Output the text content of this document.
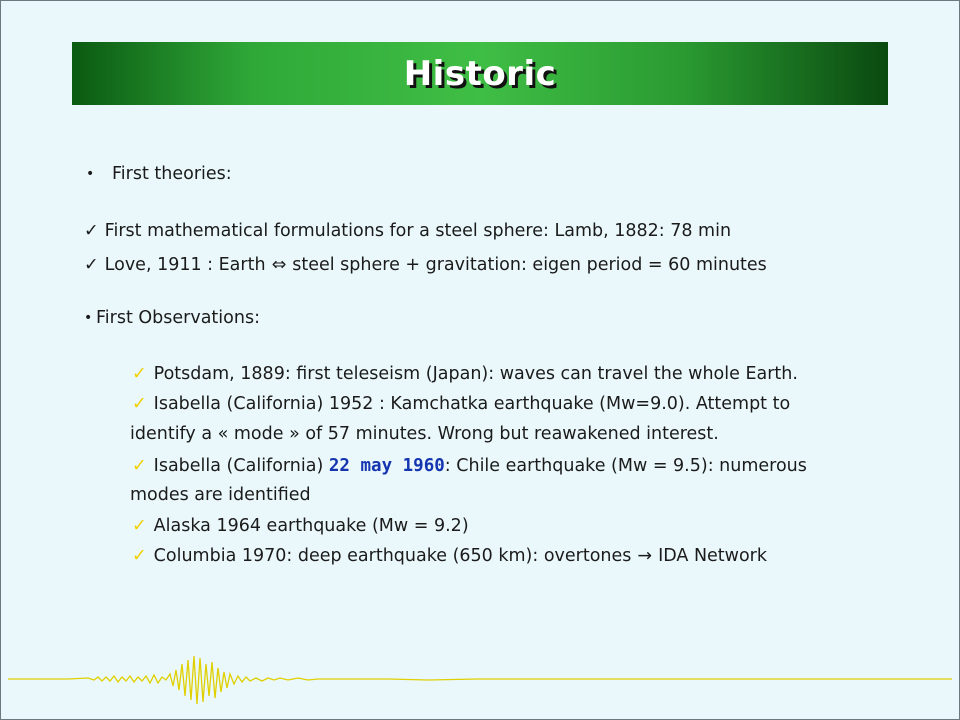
Historic
• First theories:
✓ First mathematical formulations for a steel sphere: Lamb, 1882: 78 min
✓ Love, 1911 : Earth ⇔ steel sphere + gravitation: eigen period = 60 minutes
• First Observations:
✓ Potsdam, 1889: first teleseism (Japan): waves can travel the whole Earth.
✓ Isabella (California) 1952 : Kamchatka earthquake (Mw=9.0). Attempt to
identify a « mode » of 57 minutes. Wrong but reawakened interest.
✓ Isabella (California) 22 may 1960: Chile earthquake (Mw = 9.5): numerous
modes are identified
✓ Alaska 1964 earthquake (Mw = 9.2)
✓ Columbia 1970: deep earthquake (650 km): overtones → IDA Network
